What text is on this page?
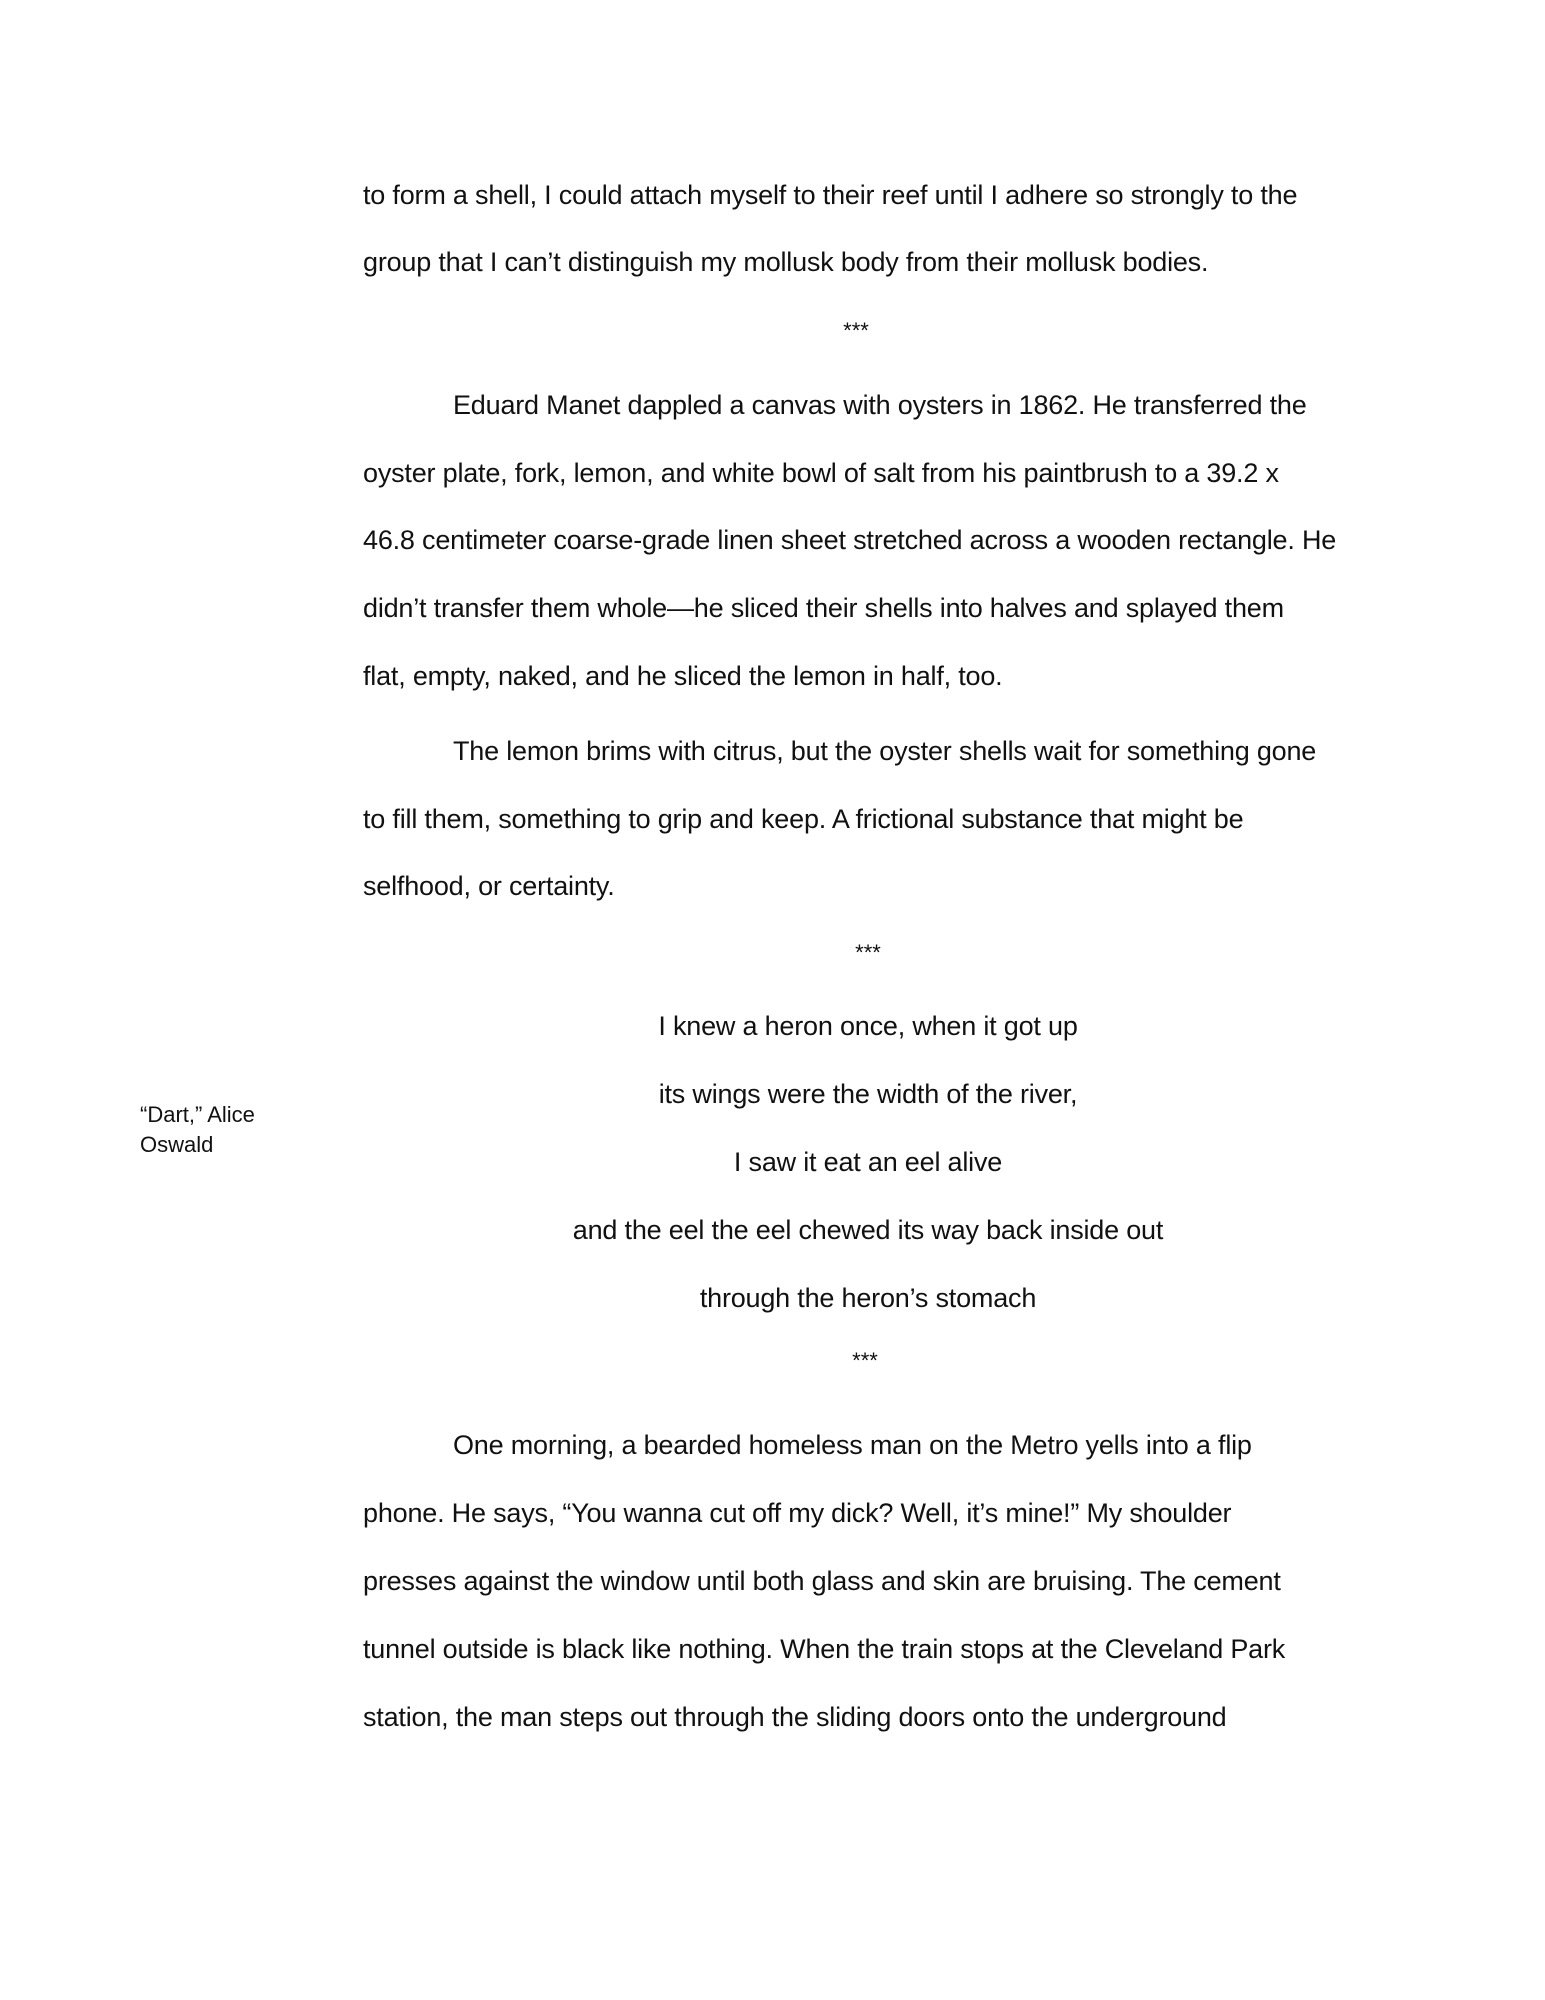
to form a shell, I could attach myself to their reef until I adhere so strongly to the
group that I can’t distinguish my mollusk body from their mollusk bodies.
***
Eduard Manet dappled a canvas with oysters in 1862. He transferred the
oyster plate, fork, lemon, and white bowl of salt from his paintbrush to a 39.2 x
46.8 centimeter coarse-grade linen sheet stretched across a wooden rectangle. He
didn’t transfer them whole—he sliced their shells into halves and splayed them
flat, empty, naked, and he sliced the lemon in half, too.
The lemon brims with citrus, but the oyster shells wait for something gone
to fill them, something to grip and keep. A frictional substance that might be
selfhood, or certainty.
***
I knew a heron once, when it got up
its wings were the width of the river,
I saw it eat an eel alive
and the eel the eel chewed its way back inside out
through the heron’s stomach
“Dart,” Alice Oswald
***
One morning, a bearded homeless man on the Metro yells into a flip
phone. He says, “You wanna cut off my dick? Well, it’s mine!” My shoulder
presses against the window until both glass and skin are bruising. The cement
tunnel outside is black like nothing. When the train stops at the Cleveland Park
station, the man steps out through the sliding doors onto the underground
